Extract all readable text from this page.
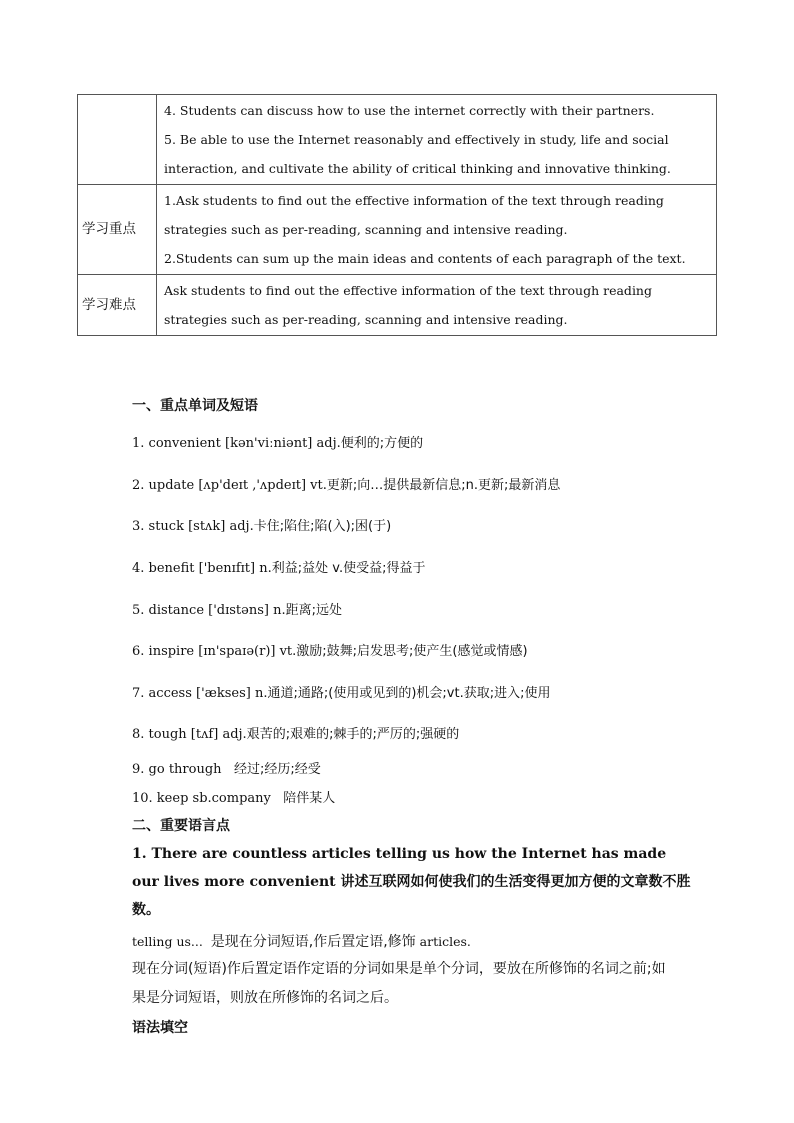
	4. Students can discuss how to use the internet correctly with their partners.
5. Be able to use the Internet reasonably and effectively in study, life and social
interaction, and cultivate the ability of critical thinking and innovative thinking.

学习重点	1.Ask students to find out the effective information of the text through reading
strategies such as per-reading, scanning and intensive reading.
2.Students can sum up the main ideas and contents of each paragraph of the text.

学习难点	Ask students to find out the effective information of the text through reading
strategies such as per-reading, scanning and intensive reading.
一、重点单词及短语
1. convenient [kən'viːniənt] adj.便利的;方便的
2. update [ʌp'deɪt ,'ʌpdeɪt] vt.更新;向…提供最新信息;n.更新;最新消息
3. stuck [stʌk] adj.卡住;陷住;陷(入);困(于)
4. benefit ['benɪfɪt] n.利益;益处 v.使受益;得益于
5. distance ['dɪstəns] n.距离;远处
6. inspire [ɪn'spaɪə(r)] vt.激励;鼓舞;启发思考;使产生(感觉或情感)
7. access ['ækses] n.通道;通路;(使用或见到的)机会;vt.获取;进入;使用
8. tough [tʌf] adj.艰苦的;艰难的;棘手的;严厉的;强硬的
9. go through 经过;经历;经受
10. keep sb.company 陪伴某人
二、重要语言点
1. There are countless articles telling us how the Internet has made our lives more convenient 讲述互联网如何使我们的生活变得更加方便的文章数不胜数。
telling us... 是现在分词短语,作后置定语,修饰 articles.
现在分词(短语)作后置定语作定语的分词如果是单个分词，要放在所修饰的名词之前;如果是分词短语，则放在所修饰的名词之后。
语法填空
